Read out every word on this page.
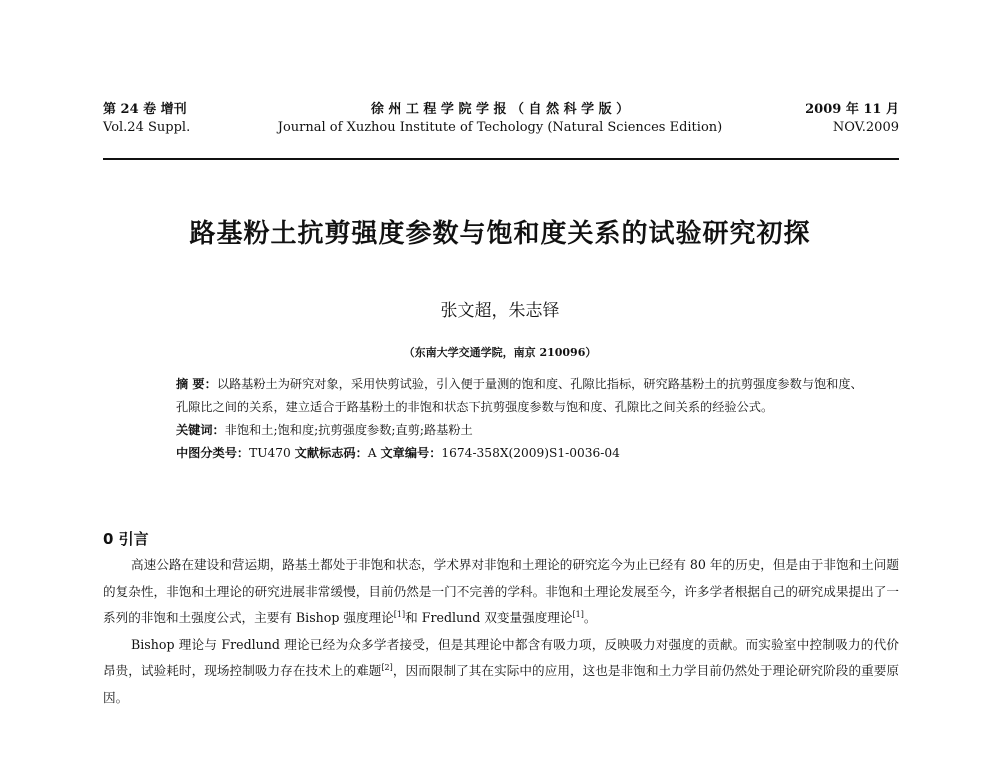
第 24 卷 增刊
Vol.24 Suppl.
徐 州 工 程 学 院 学 报 （ 自 然 科 学 版 ）
Journal of Xuzhou Institute of Techology (Natural Sciences Edition)
2009 年 11 月
NOV.2009
路基粉土抗剪强度参数与饱和度关系的试验研究初探
张文超，朱志铎
（东南大学交通学院，南京 210096）
摘 要：以路基粉土为研究对象，采用快剪试验，引入便于量测的饱和度、孔隙比指标，研究路基粉土的抗剪强度参数与饱和度、孔隙比之间的关系，建立适合于路基粉土的非饱和状态下抗剪强度参数与饱和度、孔隙比之间关系的经验公式。
关键词：非饱和土;饱和度;抗剪强度参数;直剪;路基粉土
中图分类号：TU470 文献标志码：A 文章编号：1674-358X(2009)S1-0036-04
0 引言

高速公路在建设和营运期，路基土都处于非饱和状态，学术界对非饱和土理论的研究迄今为止已经有 80 年的历史，但是由于非饱和土问题的复杂性，非饱和土理论的研究进展非常缓慢，目前仍然是一门不完善的学科。非饱和土理论发展至今，许多学者根据自己的研究成果提出了一系列的非饱和土强度公式，主要有 Bishop 强度理论[1]和 Fredlund 双变量强度理论[1]。

Bishop 理论与 Fredlund 理论已经为众多学者接受，但是其理论中都含有吸力项，反映吸力对强度的贡献。而实验室中控制吸力的代价昂贵，试验耗时，现场控制吸力存在技术上的难题[2]，因而限制了其在实际中的应用，这也是非饱和土力学目前仍然处于理论研究阶段的重要原因。
